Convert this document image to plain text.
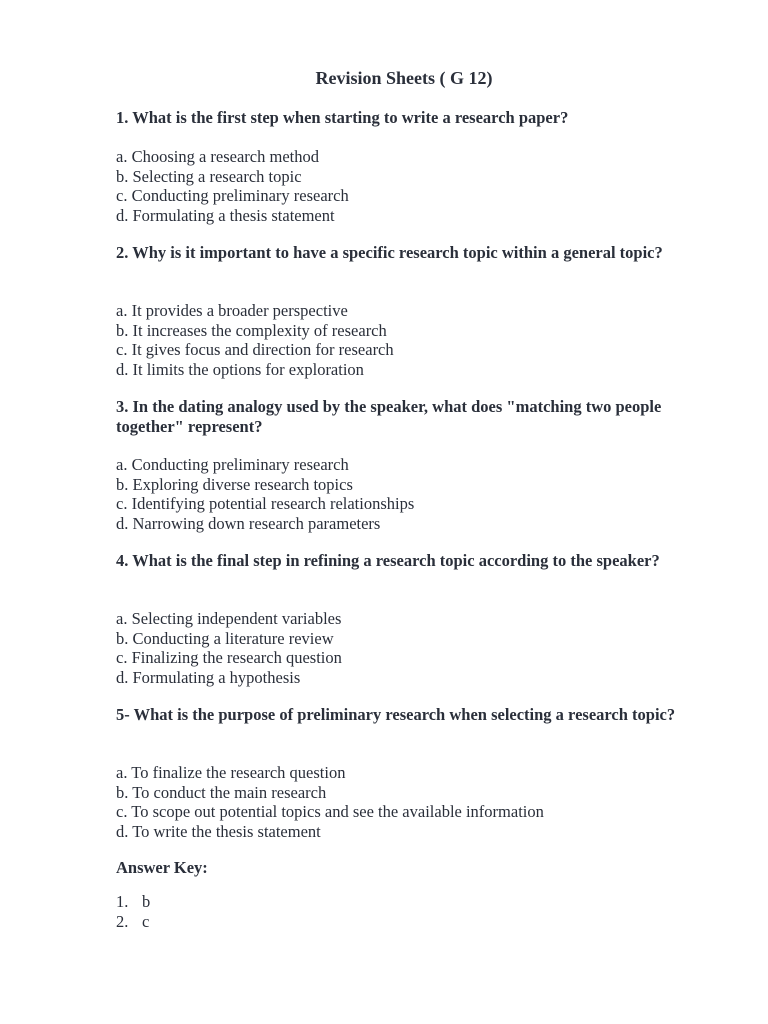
Revision Sheets ( G 12)
1. What is the first step when starting to write a research paper?
a. Choosing a research method
b. Selecting a research topic
c. Conducting preliminary research
d. Formulating a thesis statement
2. Why is it important to have a specific research topic within a general topic?
a. It provides a broader perspective
b. It increases the complexity of research
c. It gives focus and direction for research
d. It limits the options for exploration
3. In the dating analogy used by the speaker, what does "matching two people together" represent?
a. Conducting preliminary research
b. Exploring diverse research topics
c. Identifying potential research relationships
d. Narrowing down research parameters
4. What is the final step in refining a research topic according to the speaker?
a. Selecting independent variables
b. Conducting a literature review
c. Finalizing the research question
d. Formulating a hypothesis
5- What is the purpose of preliminary research when selecting a research topic?
a. To finalize the research question
b. To conduct the main research
c. To scope out potential topics and see the available information
d. To write the thesis statement
Answer Key:
1. b
2. c
